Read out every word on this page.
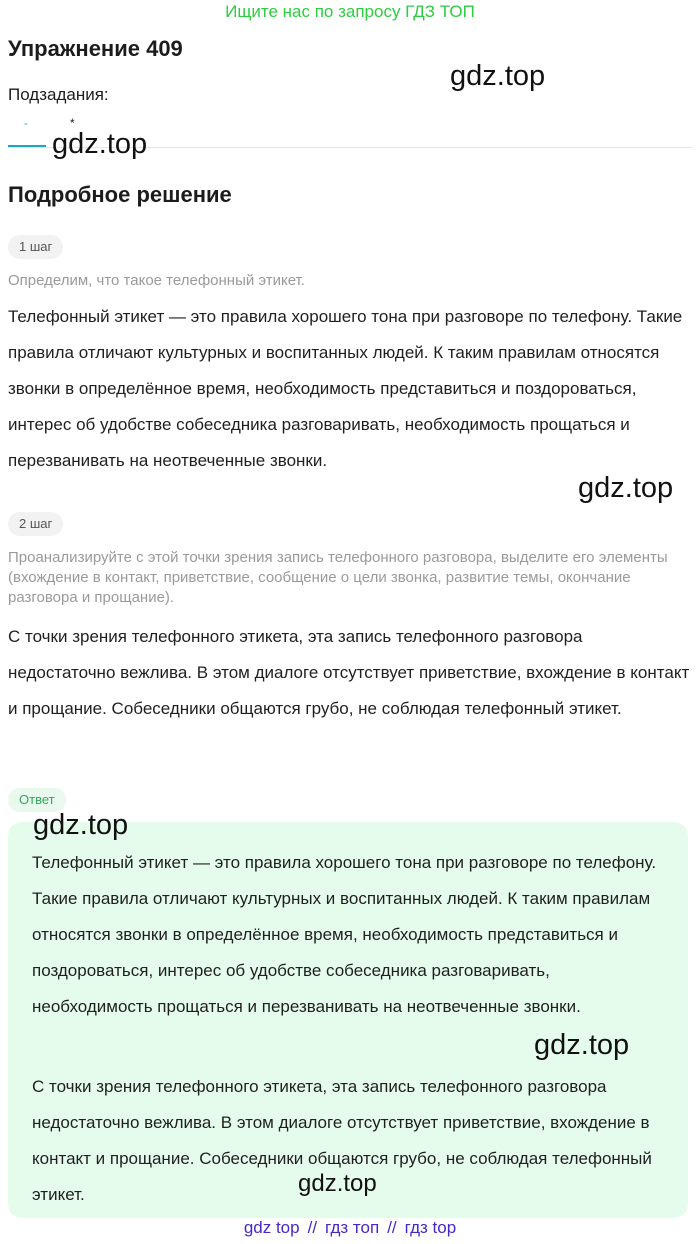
Ищите нас по запросу ГДЗ ТОП
Упражнение 409
Подзадания:
-	*
Подробное решение
1 шаг
Определим, что такое телефонный этикет.
Телефонный этикет — это правила хорошего тона при разговоре по телефону. Такие правила отличают культурных и воспитанных людей. К таким правилам относятся звонки в определённое время, необходимость представиться и поздороваться, интерес об удобстве собеседника разговаривать, необходимость прощаться и перезванивать на неотвеченные звонки.
2 шаг
Проанализируйте с этой точки зрения запись телефонного разговора, выделите его элементы (вхождение в контакт, приветствие, сообщение о цели звонка, развитие темы, окончание разговора и прощание).
С точки зрения телефонного этикета, эта запись телефонного разговора недостаточно вежлива. В этом диалоге отсутствует приветствие, вхождение в контакт и прощание. Собеседники общаются грубо, не соблюдая телефонный этикет.
Ответ
Телефонный этикет — это правила хорошего тона при разговоре по телефону. Такие правила отличают культурных и воспитанных людей. К таким правилам относятся звонки в определённое время, необходимость представиться и поздороваться, интерес об удобстве собеседника разговаривать, необходимость прощаться и перезванивать на неотвеченные звонки.
С точки зрения телефонного этикета, эта запись телефонного разговора недостаточно вежлива. В этом диалоге отсутствует приветствие, вхождение в контакт и прощание. Собеседники общаются грубо, не соблюдая телефонный этикет.
gdz.top
gdz.top
gdz.top
gdz.top
gdz.top
gdz.top
gdz top // гдз топ // гдз top
